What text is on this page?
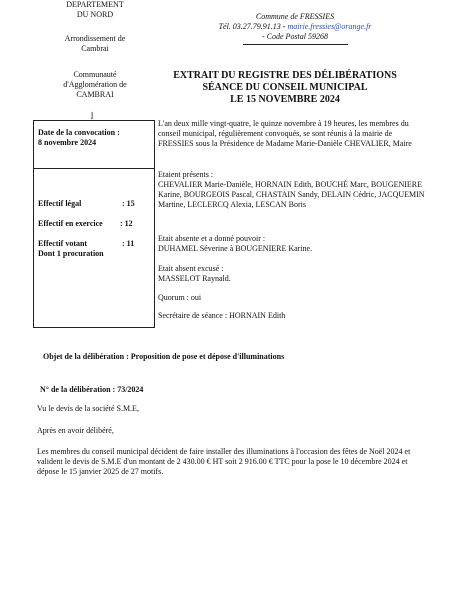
DEPARTEMENT
DU NORD
Arrondissement de
Cambrai
Communauté
d'Agglomération de
CAMBRAI
Commune de FRESSIES
Tél. 03.27.79.91.13 - mairie.fressies@orange.fr
- Code Postal 59268
EXTRAIT DU REGISTRE DES DÉLIBÉRATIONS
SÉANCE DU CONSEIL MUNICIPAL
LE 15 NOVEMBRE 2024
Date de la convocation :
8 novembre 2024
Effectif légal	: 15
Effectif en exercice : 12
Effectif votant	: 11
Dont 1 procuration
⌋
L'an deux mille vingt-quatre, le quinze novembre à 19 heures, les membres du conseil municipal, régulièrement convoqués, se sont réunis à la mairie de FRESSIES sous la Présidence de Madame Marie-Danièle CHEVALIER, Maire
Etaient présents :
CHEVALIER Marie-Danièle, HORNAIN Edith, BOUCHÉ Marc, BOUGENIERE Karine, BOURGEOIS Pascal, CHASTAIN Sandy, DELAIN Cédric, JACQUEMIN Martine, LECLERCQ Alexia, LESCAN Boris
Etait absente et a donné pouvoir :
DUHAMEL Séverine à BOUGENIERE Karine.
Etait absent excusé :
MASSELOT Raynald.
Quorum : oui
Secrétaire de séance : HORNAIN Edith
Objet de la délibération : Proposition de pose et dépose d'illuminations
N° de la délibération : 73/2024
Vu le devis de la société S.M.E,
Après en avoir délibéré,
Les membres du conseil municipal décident de faire installer des illuminations à l'occasion des fêtes de Noël 2024 et valident le devis de S.M.E d'un montant de 2 430.00 € HT soit 2 916.00 € TTC pour la pose le 10 décembre 2024 et dépose le 15 janvier 2025 de 27 motifs.
